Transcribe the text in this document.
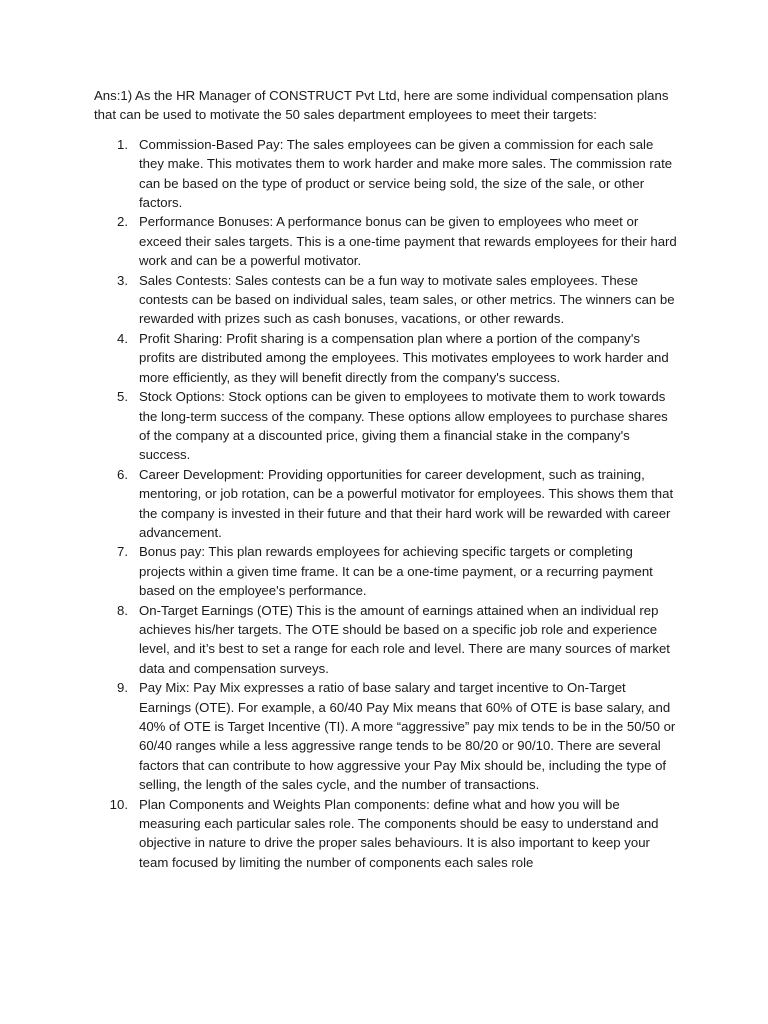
Ans:1) As the HR Manager of CONSTRUCT Pvt Ltd, here are some individual compensation plans that can be used to motivate the 50 sales department employees to meet their targets:

1. Commission-Based Pay: The sales employees can be given a commission for each sale they make. This motivates them to work harder and make more sales. The commission rate can be based on the type of product or service being sold, the size of the sale, or other factors.
2. Performance Bonuses: A performance bonus can be given to employees who meet or exceed their sales targets. This is a one-time payment that rewards employees for their hard work and can be a powerful motivator.
3. Sales Contests: Sales contests can be a fun way to motivate sales employees. These contests can be based on individual sales, team sales, or other metrics. The winners can be rewarded with prizes such as cash bonuses, vacations, or other rewards.
4. Profit Sharing: Profit sharing is a compensation plan where a portion of the company's profits are distributed among the employees. This motivates employees to work harder and more efficiently, as they will benefit directly from the company's success.
5. Stock Options: Stock options can be given to employees to motivate them to work towards the long-term success of the company. These options allow employees to purchase shares of the company at a discounted price, giving them a financial stake in the company's success.
6. Career Development: Providing opportunities for career development, such as training, mentoring, or job rotation, can be a powerful motivator for employees. This shows them that the company is invested in their future and that their hard work will be rewarded with career advancement.
7. Bonus pay: This plan rewards employees for achieving specific targets or completing projects within a given time frame. It can be a one-time payment, or a recurring payment based on the employee's performance.
8. On-Target Earnings (OTE) This is the amount of earnings attained when an individual rep achieves his/her targets. The OTE should be based on a specific job role and experience level, and it’s best to set a range for each role and level. There are many sources of market data and compensation surveys.
9. Pay Mix: Pay Mix expresses a ratio of base salary and target incentive to On-Target Earnings (OTE). For example, a 60/40 Pay Mix means that 60% of OTE is base salary, and 40% of OTE is Target Incentive (TI). A more “aggressive” pay mix tends to be in the 50/50 or 60/40 ranges while a less aggressive range tends to be 80/20 or 90/10. There are several factors that can contribute to how aggressive your Pay Mix should be, including the type of selling, the length of the sales cycle, and the number of transactions.
10. Plan Components and Weights Plan components: define what and how you will be measuring each particular sales role. The components should be easy to understand and objective in nature to drive the proper sales behaviours. It is also important to keep your team focused by limiting the number of components each sales role
